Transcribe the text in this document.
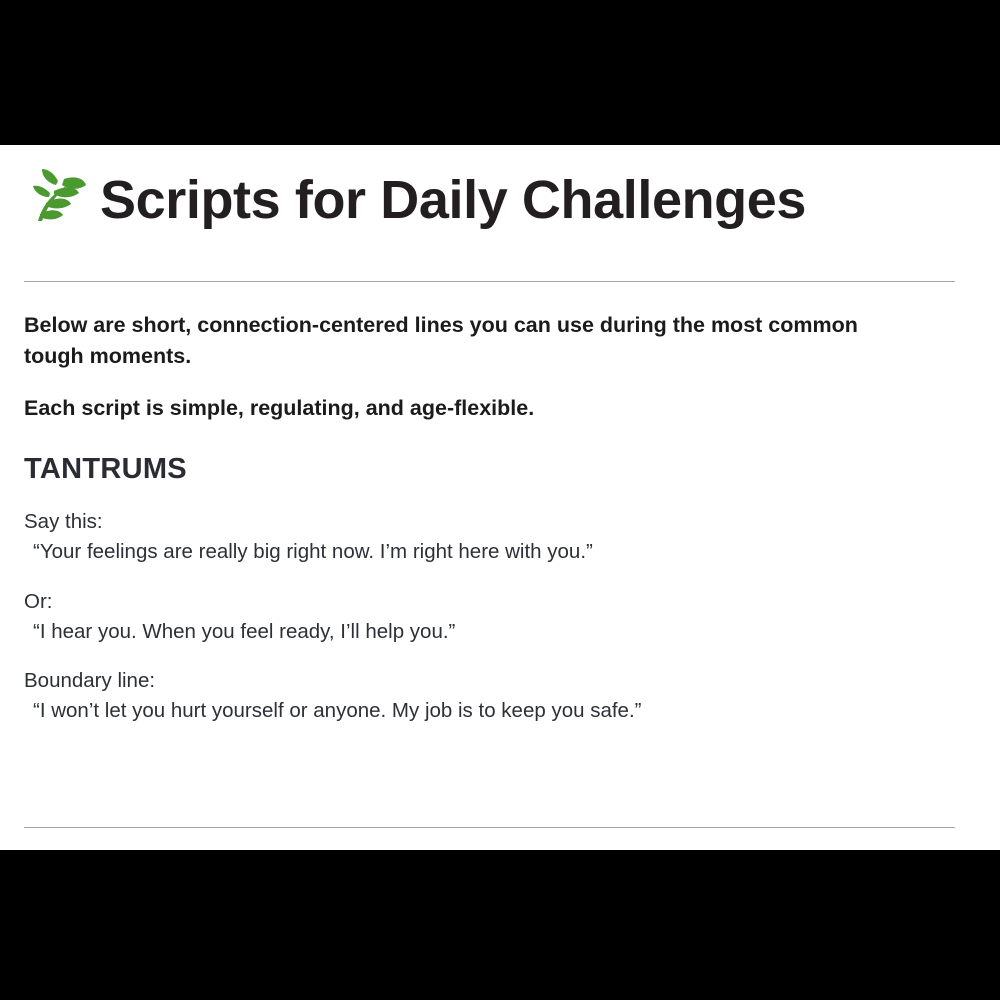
Scripts for Daily Challenges

Below are short, connection-centered lines you can use during the most common tough moments.

Each script is simple, regulating, and age-flexible.

TANTRUMS

Say this:

“Your feelings are really big right now. I’m right here with you.”

Or:

“I hear you. When you feel ready, I’ll help you.”

Boundary line:

“I won’t let you hurt yourself or anyone. My job is to keep you safe.”
